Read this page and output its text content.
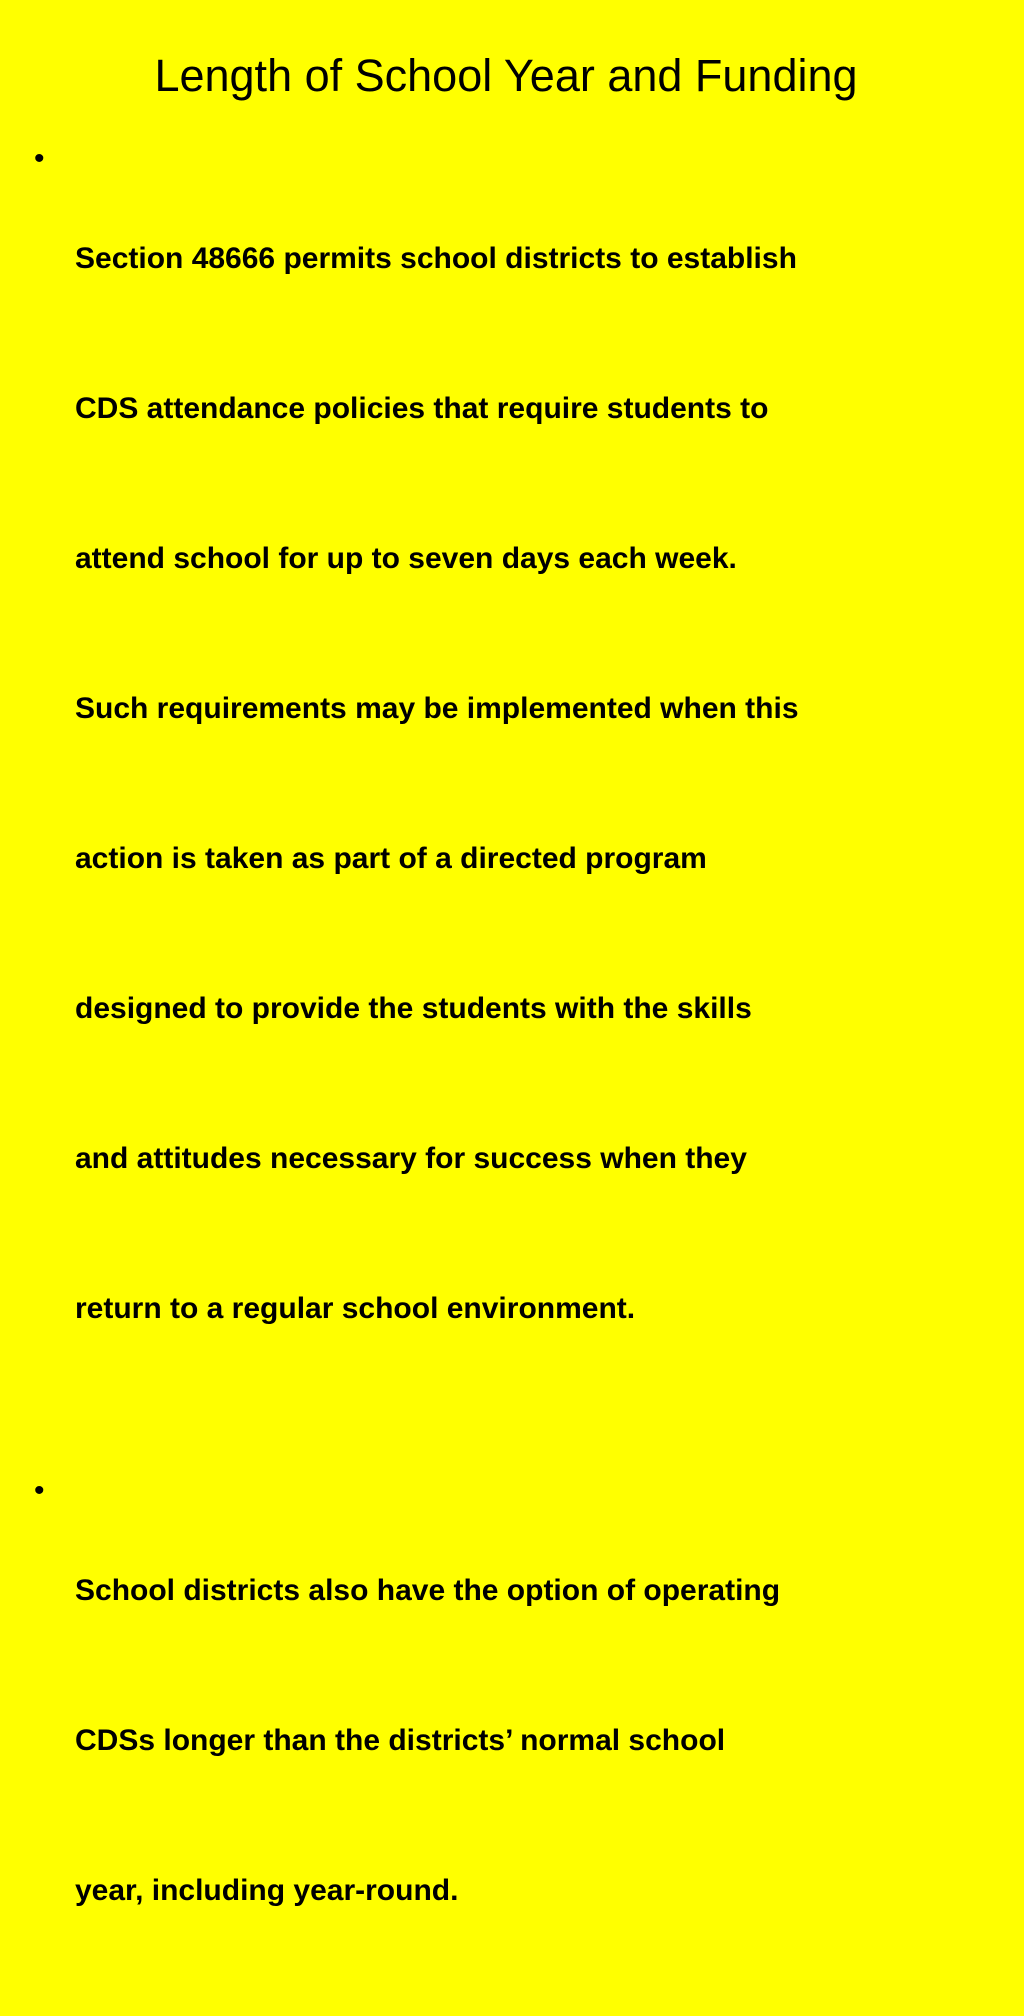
Length of School Year and Funding
•

Section 48666 permits school districts to establish

CDS attendance policies that require students to

attend school for up to seven days each week.

Such requirements may be implemented when this

action is taken as part of a directed program

designed to provide the students with the skills

and attitudes necessary for success when they

return to a regular school environment.

•

School districts also have the option of operating

CDSs longer than the districts’ normal school

year, including year-round.
